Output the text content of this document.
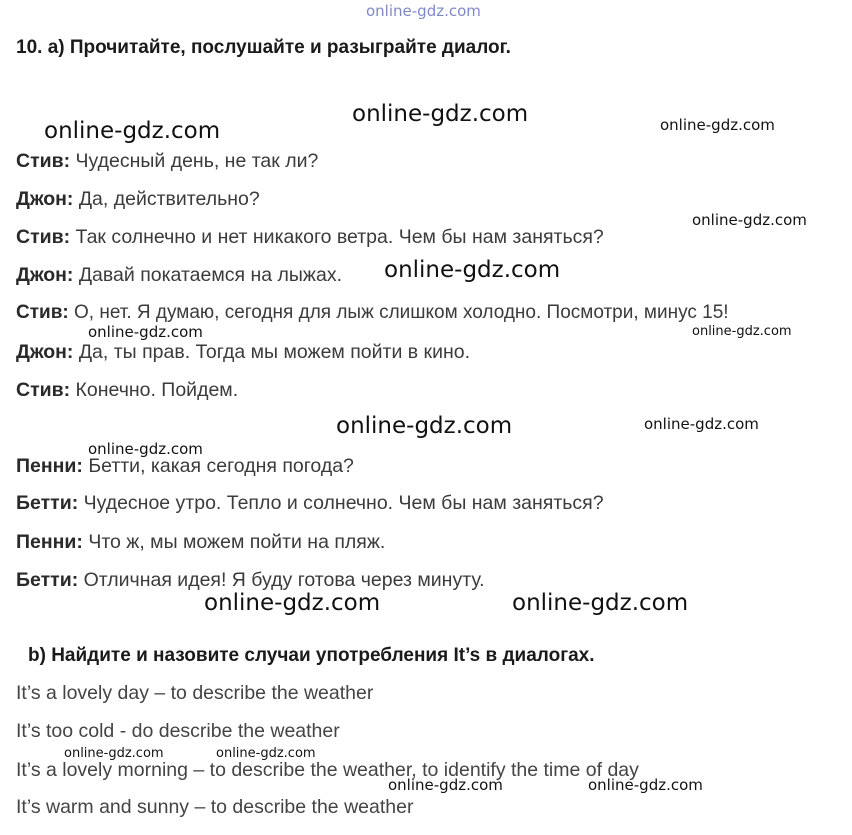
online-gdz.com
10. a) Прочитайте, послушайте и разыграйте диалог.
Стив: Чудесный день, не так ли?
Джон: Да, действительно?
Стив: Так солнечно и нет никакого ветра. Чем бы нам заняться?
Джон: Давай покатаемся на лыжах.
Стив: О, нет. Я думаю, сегодня для лыж слишком холодно. Посмотри, минус 15!
Джон: Да, ты прав. Тогда мы можем пойти в кино.
Стив: Конечно. Пойдем.
Пенни: Бетти, какая сегодня погода?
Бетти: Чудесное утро. Тепло и солнечно. Чем бы нам заняться?
Пенни: Что ж, мы можем пойти на пляж.
Бетти: Отличная идея! Я буду готова через минуту.
b) Найдите и назовите случаи употребления It’s в диалогах.
It’s a lovely day – to describe the weather
It’s too cold - do describe the weather
It’s a lovely morning – to describe the weather, to identify the time of day
It’s warm and sunny – to describe the weather
online-gdz.com
online-gdz.com	online-gdz.com
online-gdz.com
online-gdz.com
online-gdz.com	online-gdz.com
online-gdz.com	online-gdz.com
online-gdz.com
online-gdz.com	online-gdz.com
online-gdz.com	online-gdz.com
online-gdz.com	online-gdz.com
